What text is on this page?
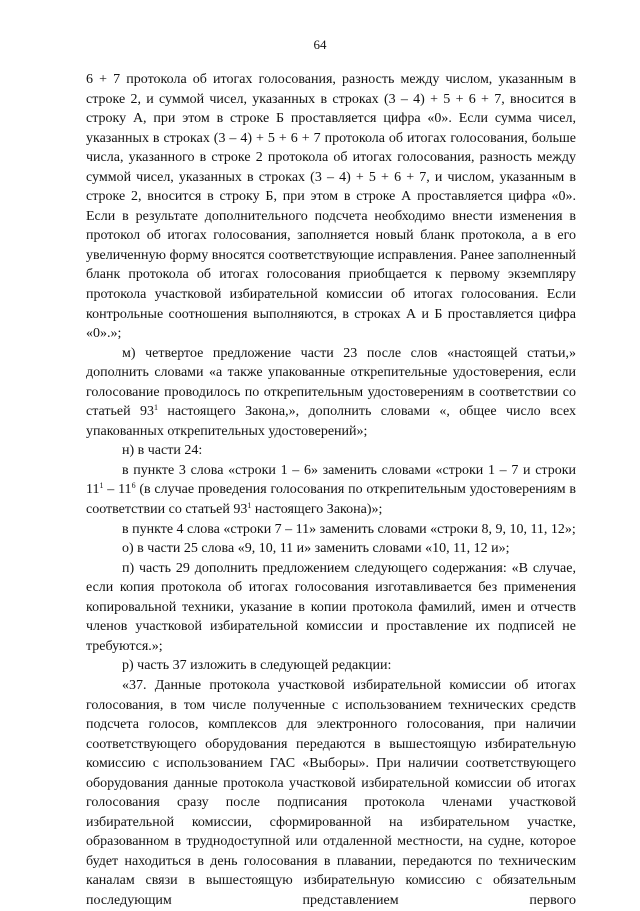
64

6 + 7 протокола об итогах голосования, разность между числом, указанным в строке 2, и суммой чисел, указанных в строках (3 – 4) + 5 + 6 + 7, вносится в строку А, при этом в строке Б проставляется цифра «0». Если сумма чисел, указанных в строках (3 – 4) + 5 + 6 + 7 протокола об итогах голосования, больше числа, указанного в строке 2 протокола об итогах голосования, разность между суммой чисел, указанных в строках (3 – 4) + 5 + 6 + 7, и числом, указанным в строке 2, вносится в строку Б, при этом в строке А проставляется цифра «0». Если в результате дополнительного подсчета необходимо внести изменения в протокол об итогах голосования, заполняется новый бланк протокола, а в его увеличенную форму вносятся соответствующие исправления. Ранее заполненный бланк протокола об итогах голосования приобщается к первому экземпляру протокола участковой избирательной комиссии об итогах голосования. Если контрольные соотношения выполняются, в строках А и Б проставляется цифра «0».»;

м) четвертое предложение части 23 после слов «настоящей статьи,» дополнить словами «а также упакованные открепительные удостоверения, если голосование проводилось по открепительным удостоверениям в соответствии со статьей $93^1$ настоящего Закона,», дополнить словами «, общее число всех упакованных открепительных удостоверений»;

н) в части 24:

в пункте 3 слова «строки 1 – 6» заменить словами «строки 1 – 7 и строки $11^1 - 11^6$ (в случае проведения голосования по открепительным удостоверениям в соответствии со статьей $93^1$ настоящего Закона)»;

в пункте 4 слова «строки 7 – 11» заменить словами «строки 8, 9, 10, 11, 12»;

о) в части 25 слова «9, 10, 11 и» заменить словами «10, 11, 12 и»;

п) часть 29 дополнить предложением следующего содержания: «В случае, если копия протокола об итогах голосования изготавливается без применения копировальной техники, указание в копии протокола фамилий, имен и отчеств членов участковой избирательной комиссии и проставление их подписей не требуются.»;

р) часть 37 изложить в следующей редакции:

«37. Данные протокола участковой избирательной комиссии об итогах голосования, в том числе полученные с использованием технических средств подсчета голосов, комплексов для электронного голосования, при наличии соответствующего оборудования передаются в вышестоящую избирательную комиссию с использованием ГАС «Выборы». При наличии соответствующего оборудования данные протокола участковой избирательной комиссии об итогах голосования сразу после подписания протокола членами участковой избирательной комиссии, сформированной на избирательном участке, образованном в труднодоступной или отдаленной местности, на судне, которое будет находиться в день голосования в плавании, передаются по техническим каналам связи в вышестоящую избирательную комиссию с обязательным последующим представлением первого
